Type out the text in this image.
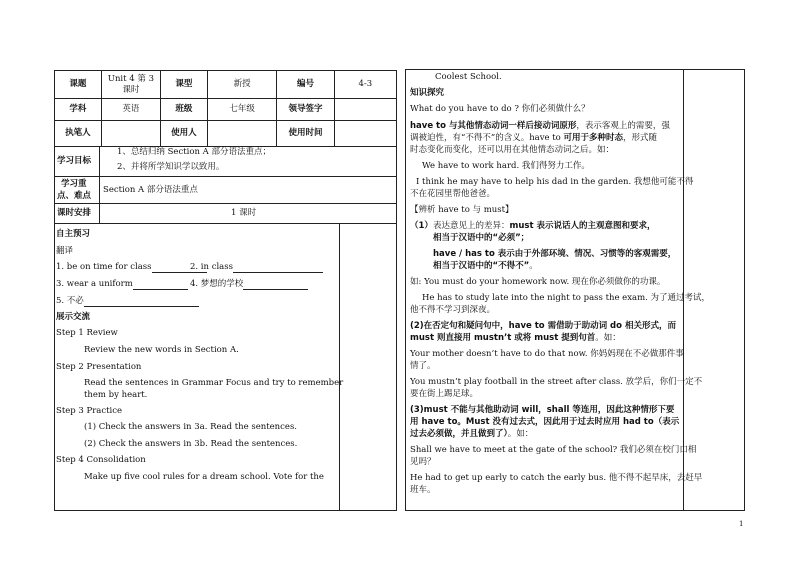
课题	Unit 4 第 3 课时	课型	新授	编号	4-3
学科	英语	班级	七年级	领导签字	
执笔人		使用人		使用时间	
学习目标
1、总结归纳 Section A 部分语法重点；
2、并将所学知识学以致用。
学习重
点、难点
Section A 部分语法重点
课时安排	1 课时
自主预习
翻译
1. be on time for class	2. in class
3. wear a uniform	4. 梦想的学校
5. 不必
展示交流
Step 1 Review
Review the new words in Section A.
Step 2 Presentation
Read the sentences in Grammar Focus and try to remember
them by heart.
Step 3 Practice
(1) Check the answers in 3a. Read the sentences.
(2) Check the answers in 3b. Read the sentences.
Step 4 Consolidation
Make up five cool rules for a dream school. Vote for the
Coolest School.
知识探究
What do you have to do ? 你们必须做什么？
have to 与其他情态动词一样后接动词原形，表示客观上的需要，强
调被迫性，有“不得不”的含义。have to 可用于多种时态，形式随
时态变化而变化，还可以用在其他情态动词之后。如：
We have to work hard. 我们得努力工作。
I think he may have to help his dad in the garden. 我想他可能不得
不在花园里帮他爸爸。
【辨析 have to 与 must】
（1） 表达意见上的差异：must 表示说话人的主观意图和要求，
相当于汉语中的“必须”；
have / has to 表示由于外部环境、情况、习惯等的客观需要，
相当于汉语中的“不得不”。
如: You must do your homework now. 现在你必须做你的功课。
He has to study late into the night to pass the exam. 为了通过考试，
他不得不学习到深夜。
(2)在否定句和疑问句中，have to 需借助于助动词 do 相关形式，而
must 则直接用 mustn’t 或将 must 提到句首。如：
Your mother doesn’t have to do that now. 你妈妈现在不必做那件事
情了。
You mustn’t play football in the street after class. 放学后，你们一定不
要在街上踢足球。
(3)must 不能与其他助动词 will，shall 等连用，因此这种情形下要
用 have to。Must 没有过去式，因此用于过去时应用 had to（表示
过去必须做，并且做到了）。如：
Shall we have to meet at the gate of the school? 我们必须在校门口相
见吗？
He had to get up early to catch the early bus. 他不得不起早床，去赶早
班车。
1
